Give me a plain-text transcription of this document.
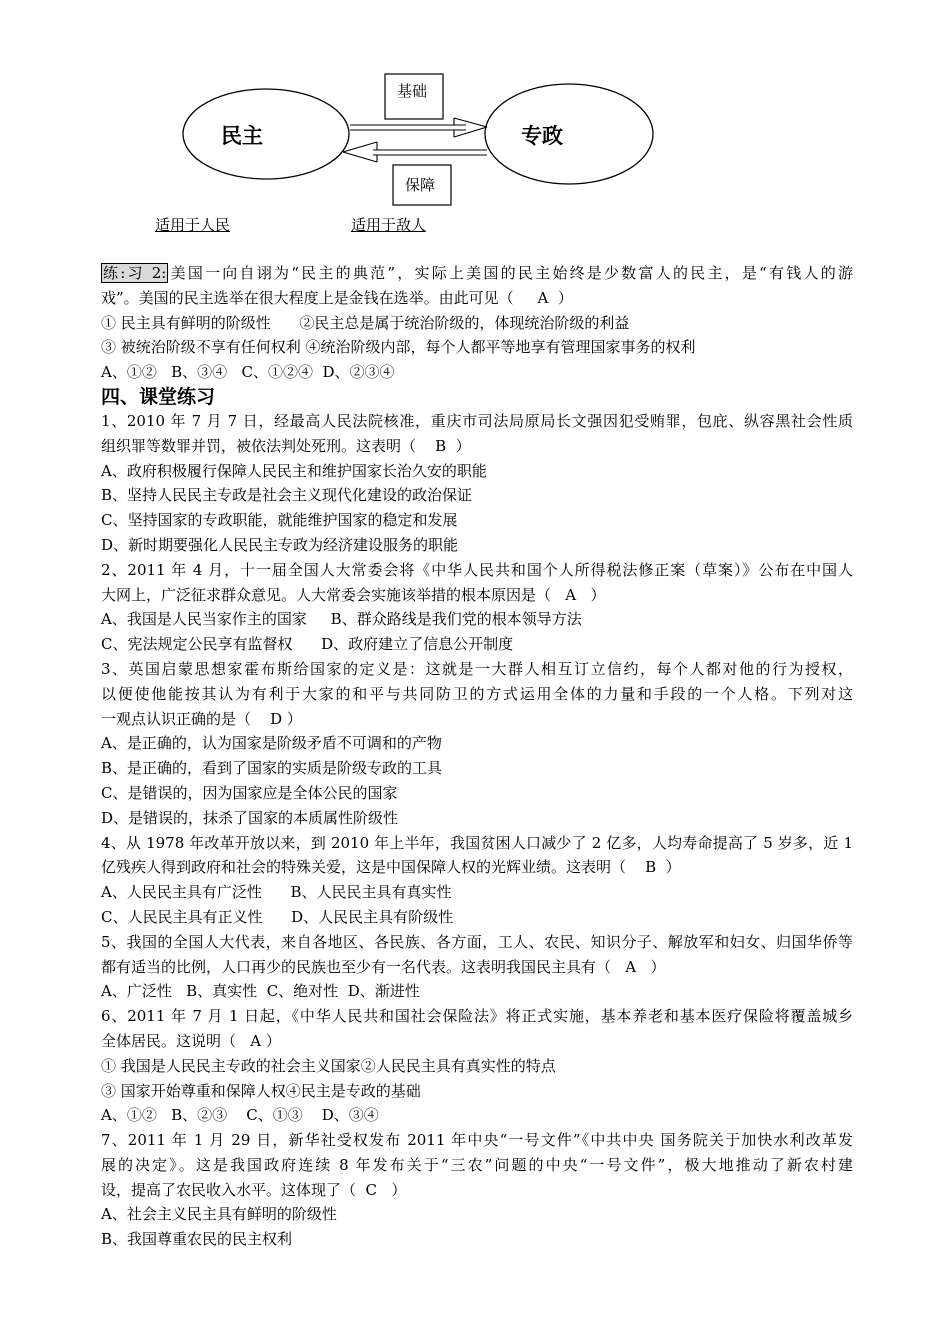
民主	专政
基础
保障
适用于人民	适用于敌人

练:习 2: 美国一向自诩为“民主的典范”，实际上美国的民主始终是少数富人的民主，是“有钱人的游

戏”。美国的民主选举在很大程度上是金钱在选举。由此可见（     A  ）

① 民主具有鲜明的阶级性      ②民主总是属于统治阶级的，体现统治阶级的利益

③ 被统治阶级不享有任何权利 ④统治阶级内部，每个人都平等地享有管理国家事务的权利

A、①②   B、③④   C、①②④  D、②③④

四、课堂练习

1、2010 年 7 月 7 日，经最高人民法院核准，重庆市司法局原局长文强因犯受贿罪，包庇、纵容黑社会性质

组织罪等数罪并罚，被依法判处死刑。这表明（    B  ）

A、政府积极履行保障人民民主和维护国家长治久安的职能

B、坚持人民民主专政是社会主义现代化建设的政治保证

C、坚持国家的专政职能，就能维护国家的稳定和发展

D、新时期要强化人民民主专政为经济建设服务的职能

2、2011 年 4 月，十一届全国人大常委会将《中华人民共和国个人所得税法修正案（草案）》公布在中国人

大网上，广泛征求群众意见。人大常委会实施该举措的根本原因是（   A   ）

A、我国是人民当家作主的国家     B、群众路线是我们党的根本领导方法

C、宪法规定公民享有监督权      D、政府建立了信息公开制度

3、英国启蒙思想家霍布斯给国家的定义是：这就是一大群人相互订立信约，每个人都对他的行为授权，

以便使他能按其认为有利于大家的和平与共同防卫的方式运用全体的力量和手段的一个人格。下列对这

一观点认识正确的是（    D ）

A、是正确的，认为国家是阶级矛盾不可调和的产物

B、是正确的，看到了国家的实质是阶级专政的工具

C、是错误的，因为国家应是全体公民的国家

D、是错误的，抹杀了国家的本质属性阶级性

4、从 1978 年改革开放以来，到 2010 年上半年，我国贫困人口减少了 2 亿多，人均寿命提高了 5 岁多，近 1

亿残疾人得到政府和社会的特殊关爱，这是中国保障人权的光辉业绩。这表明（    B  ）

A、人民民主具有广泛性      B、人民民主具有真实性

C、人民民主具有正义性      D、人民民主具有阶级性

5、我国的全国人大代表，来自各地区、各民族、各方面，工人、农民、知识分子、解放军和妇女、归国华侨等

都有适当的比例，人口再少的民族也至少有一名代表。这表明我国民主具有（   A   ）

A、广泛性   B、真实性  C、绝对性  D、渐进性

6、2011 年 7 月 1 日起，《中华人民共和国社会保险法》将正式实施，基本养老和基本医疗保险将覆盖城乡

全体居民。这说明（   A ）

① 我国是人民民主专政的社会主义国家②人民民主具有真实性的特点

③ 国家开始尊重和保障人权④民主是专政的基础

A、①②   B、②③    C、①③    D、③④

7、2011 年 1 月 29 日，新华社受权发布 2011 年中央“一号文件”《中共中央 国务院关于加快水利改革发

展的决定》。这是我国政府连续 8 年发布关于“三农”问题的中央“一号文件”，极大地推动了新农村建

设，提高了农民收入水平。这体现了（  C   ）

A、社会主义民主具有鲜明的阶级性

B、我国尊重农民的民主权利
